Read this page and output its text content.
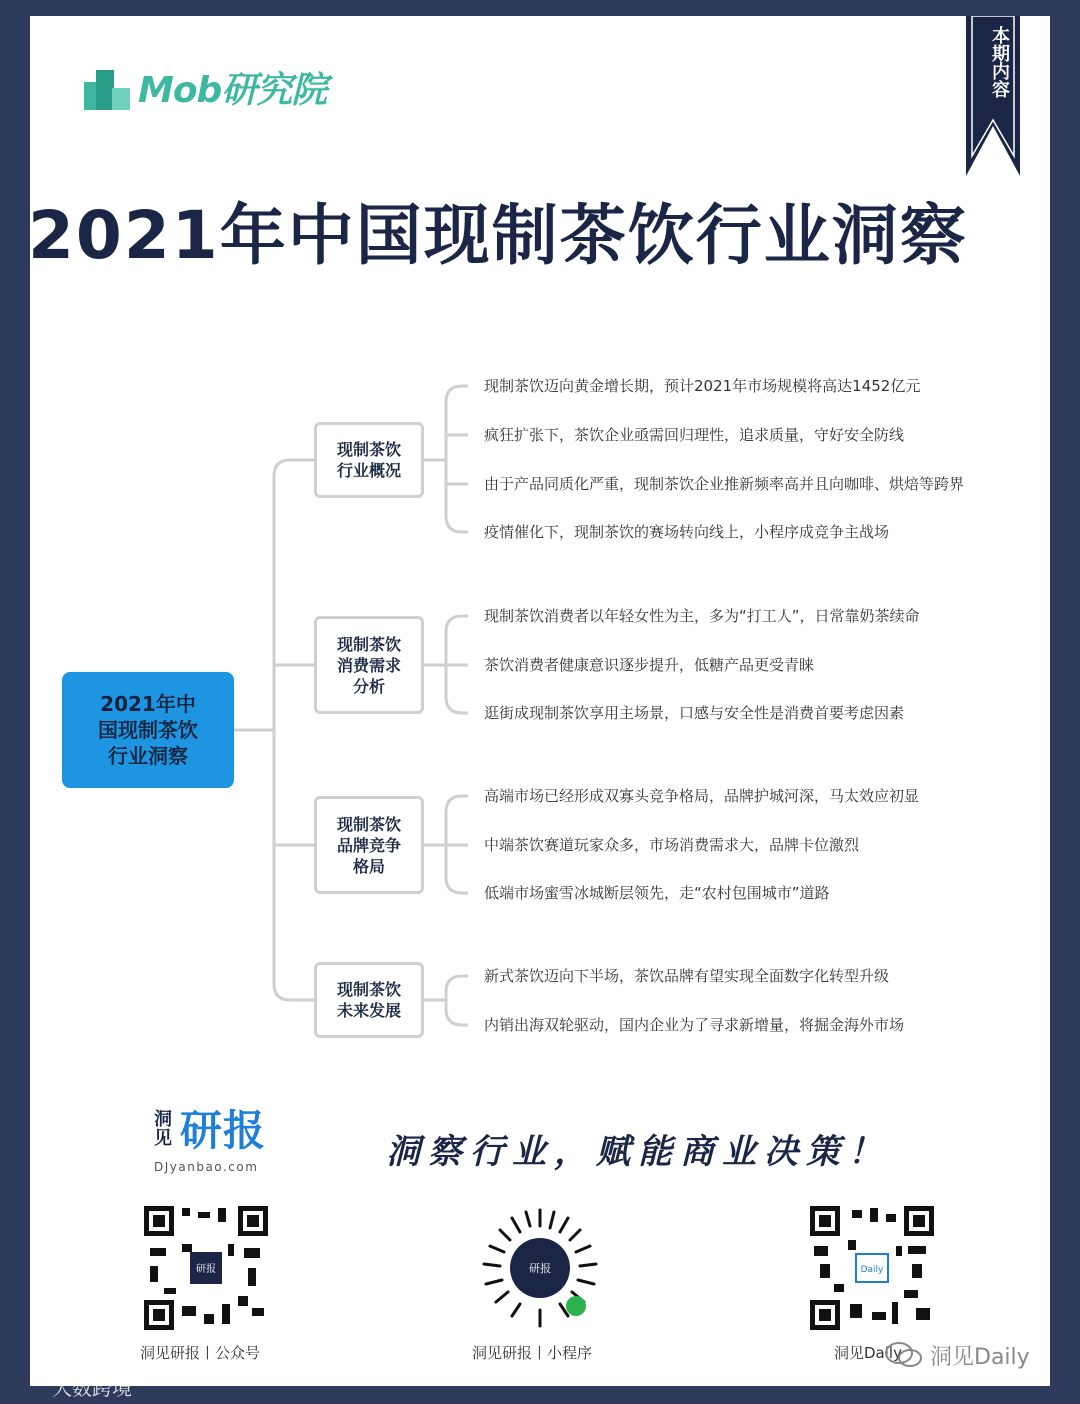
Mob研究院	本期内容
2021年中国现制茶饮行业洞察
2021年中国现制茶饮行业洞察
现制茶饮行业概况
现制茶饮消费需求分析
现制茶饮品牌竞争格局
现制茶饮未来发展
现制茶饮迈向黄金增长期，预计2021年市场规模将高达1452亿元
疯狂扩张下，茶饮企业亟需回归理性，追求质量，守好安全防线
由于产品同质化严重，现制茶饮企业推新频率高并且向咖啡、烘焙等跨界
疫情催化下，现制茶饮的赛场转向线上，小程序成竞争主战场
现制茶饮消费者以年轻女性为主，多为“打工人”，日常靠奶茶续命
茶饮消费者健康意识逐步提升，低糖产品更受青睐
逛街成现制茶饮享用主场景，口感与安全性是消费首要考虑因素
高端市场已经形成双寡头竞争格局，品牌护城河深，马太效应初显
中端茶饮赛道玩家众多，市场消费需求大，品牌卡位激烈
低端市场蜜雪冰城断层领先，走“农村包围城市”道路
新式茶饮迈向下半场，茶饮品牌有望实现全面数字化转型升级
内销出海双轮驱动，国内企业为了寻求新增量，将掘金海外市场
洞见 研报
DJyanbao.com	洞察行业，赋能商业决策！
研报
洞见研报丨公众号
研报
洞见研报丨小程序
Daily
洞见Daily
大数跨境
洞见Daily
